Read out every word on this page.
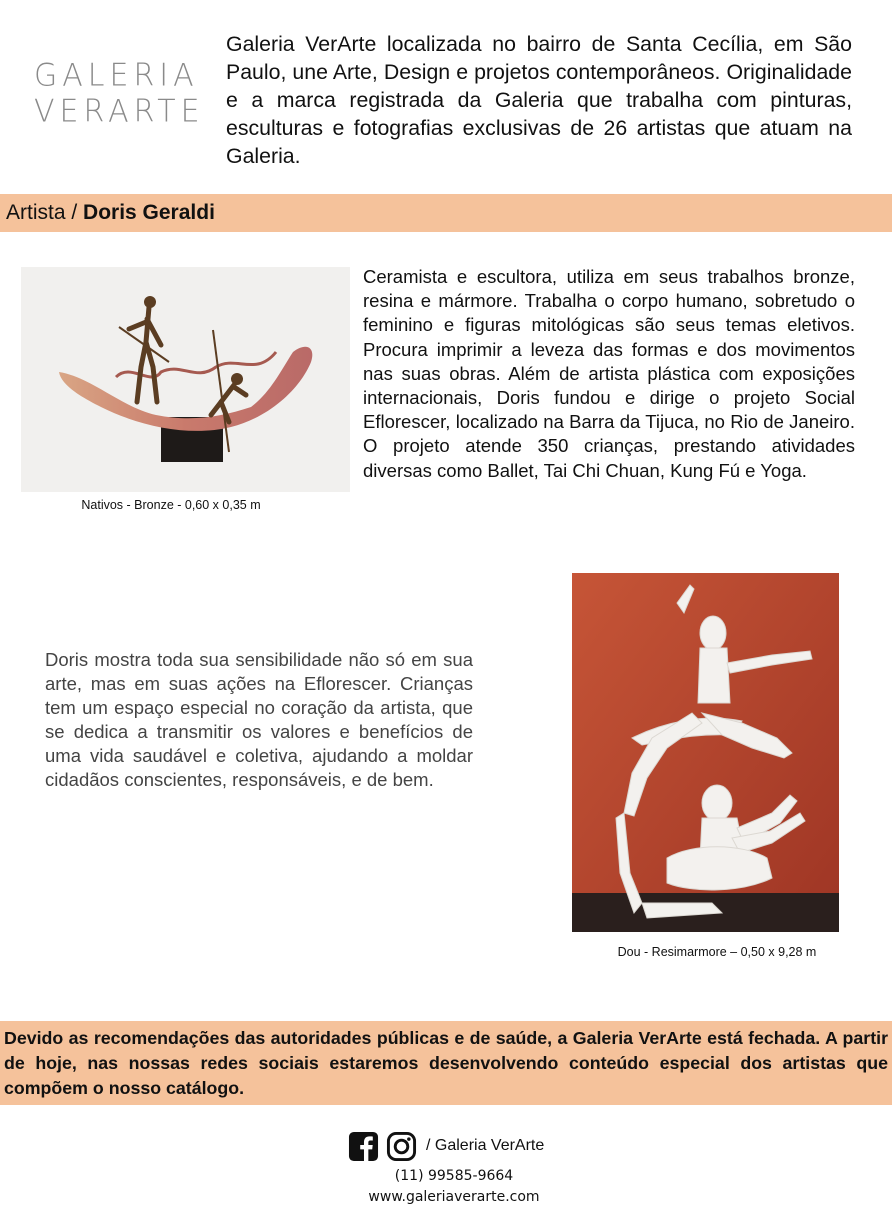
GALERIA
VERARTE

Galeria VerArte localizada no bairro de Santa Cecília, em São Paulo, une Arte, Design e projetos contemporâneos. Originalidade e a marca registrada da Galeria que trabalha com pinturas, esculturas e fotografias exclusivas de 26 artistas que atuam na Galeria.

Artista / Doris Geraldi
Nativos - Bronze - 0,60 x 0,35 m

Ceramista e escultora, utiliza em seus trabalhos bronze, resina e mármore. Trabalha o corpo humano, sobretudo o feminino e figuras mitológicas são seus temas eletivos. Procura imprimir a leveza das formas e dos movimentos nas suas obras. Além de artista plástica com exposições internacionais, Doris fundou e dirige o projeto Social Eflorescer, localizado na Barra da Tijuca, no Rio de Janeiro. O projeto atende 350 crianças, prestando atividades diversas como Ballet, Tai Chi Chuan, Kung Fú e Yoga.

Doris mostra toda sua sensibilidade não só em sua arte, mas em suas ações na Eflorescer. Crianças tem um espaço especial no coração da artista, que se dedica a transmitir os valores e benefícios de uma vida saudável e coletiva, ajudando a moldar cidadãos conscientes, responsáveis, e de bem.

Dou - Resimarmore – 0,50 x 9,28 m

Devido as recomendações das autoridades públicas e de saúde, a Galeria VerArte está fechada. A partir de hoje, nas nossas redes sociais estaremos desenvolvendo conteúdo especial dos artistas que compõem o nosso catálogo.

/ Galeria VerArte
(11) 99585-9664
www.galeriaverarte.com
